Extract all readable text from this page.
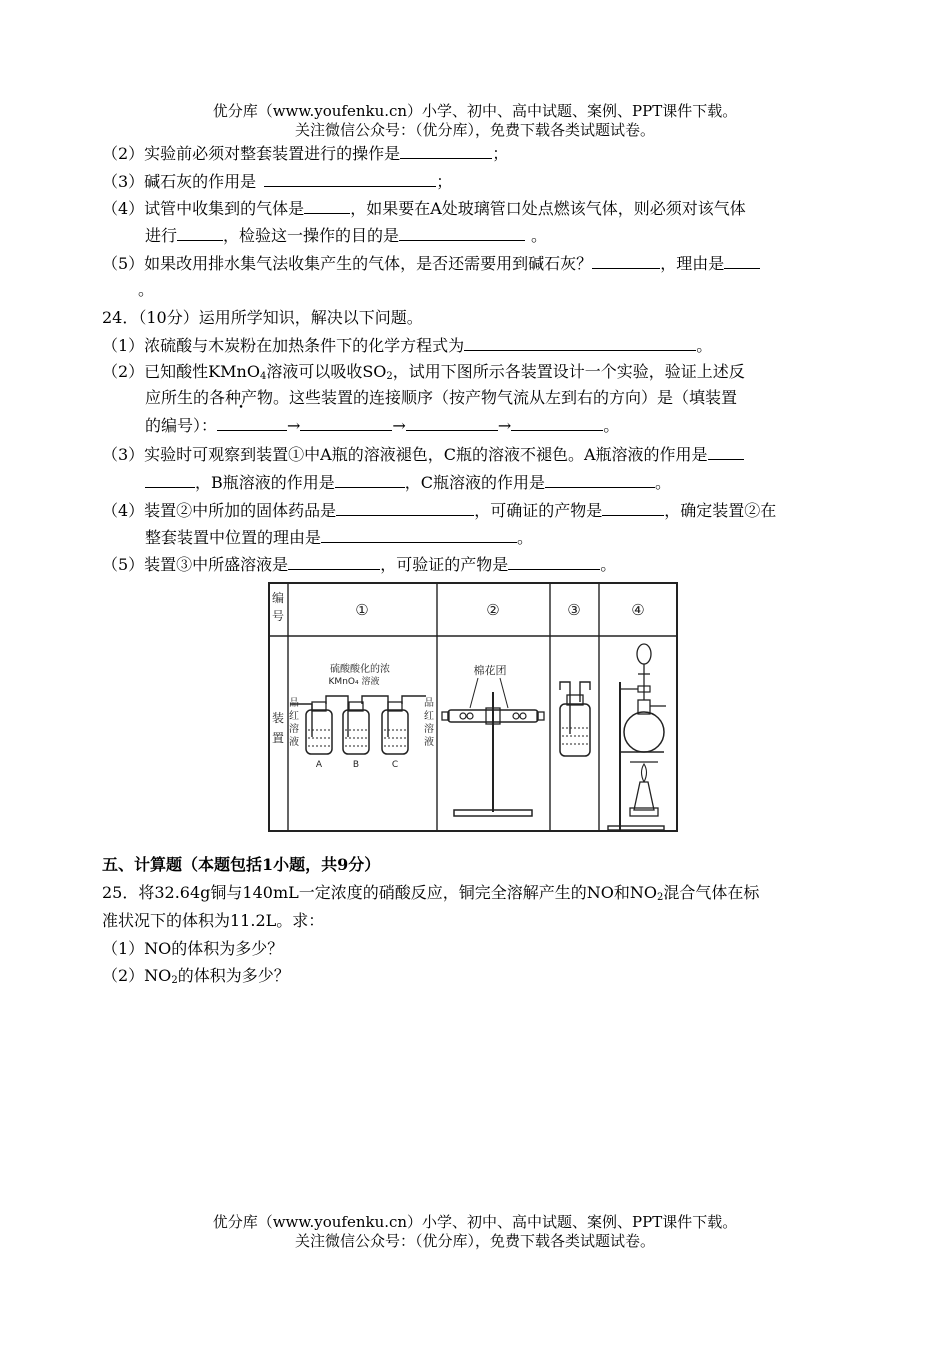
优分库（www.youfenku.cn）小学、初中、高中试题、案例、PPT课件下载。
关注微信公众号：（优分库），免费下载各类试题试卷。
（2）实验前必须对整套装置进行的操作是	；
（3）碱石灰的作用是	；
（4）试管中收集到的气体是	，如果要在A处玻璃管口处点燃该气体，则必须对该气体
进行	，检验这一操作的目的是	。
（5）如果改用排水集气法收集产生的气体，是否还需要用到碱石灰？	，理由是
。
24．（10分）运用所学知识，解决以下问题。
（1）浓硫酸与木炭粉在加热条件下的化学方程式为	。
（2）已知酸性KMnO$_4$溶液可以吸收$SO_2$，试用下图所示各装置设计一个实验，验证上述反
应所生的各种产物。这些装置的连接顺序（按产物气流从左到右的方向）是（填装置
的编号）：	→	→	→	。
（3）实验时可观察到装置①中A瓶的溶液褪色，C瓶的溶液不褪色。A瓶溶液的作用是
，B瓶溶液的作用是	，C瓶溶液的作用是	。
（4）装置②中所加的固体药品是	，可确证的产物是	，确定装置②在
整套装置中位置的理由是	。
（5）装置③中所盛溶液是	，可验证的产物是	。
编号	①	②	③	④
装置
硫酸酸化的浓
KMnO₄ 溶液
品红溶液
品红溶液
A	B	C
棉花团
五、计算题（本题包括1小题，共9分）
25．将32.64g铜与140mL一定浓度的硝酸反应，铜完全溶解产生的NO和$NO_2$混合气体在标
准状况下的体积为11.2L。求：
（1）NO的体积为多少？
$(2)NO_2$的体积为多少？
优分库（www.youfenku.cn）小学、初中、高中试题、案例、PPT课件下载。
关注微信公众号：（优分库），免费下载各类试题试卷。
